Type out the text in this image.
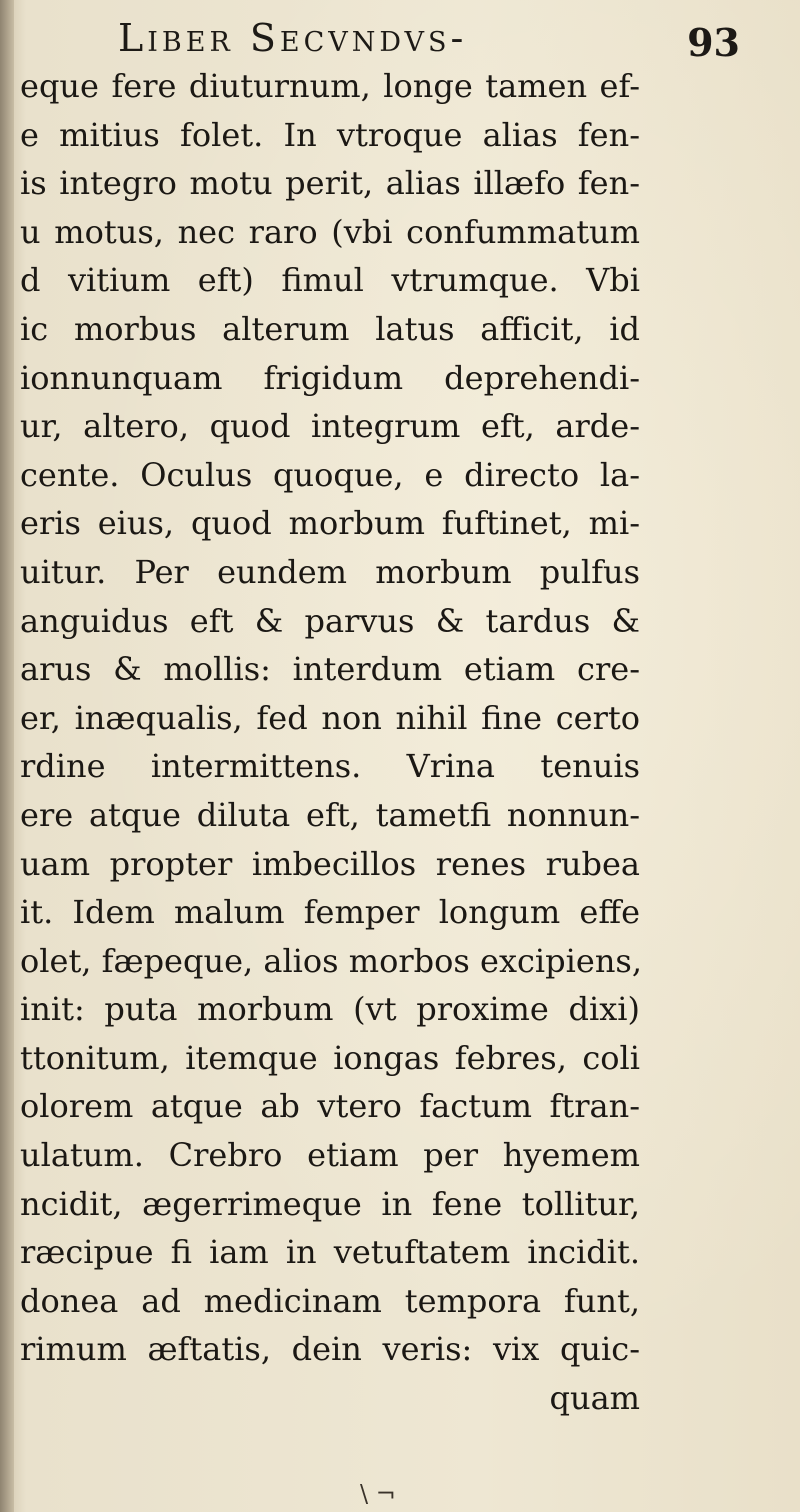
Liber Secvndvs-	93
eque fere diuturnum, longe tamen ef-
e mitius folet. In vtroque alias fen-
is integro motu perit, alias illæfo fen-
u motus, nec raro (vbi confummatum
d vitium eft) fimul vtrumque. Vbi
ic morbus alterum latus afficit, id
ionnunquam frigidum deprehendi-
ur, altero, quod integrum eft, arde-
cente. Oculus quoque, e directo la-
eris eius, quod morbum fuftinet, mi-
uitur. Per eundem morbum pulfus
anguidus eft & parvus & tardus &
arus & mollis: interdum etiam cre-
er, inæqualis, fed non nihil fine certo
rdine intermittens. Vrina tenuis
ere atque diluta eft, tametfi nonnun-
uam propter imbecillos renes rubea
it. Idem malum femper longum effe
olet, fæpeque, alios morbos excipiens,
init: puta morbum (vt proxime dixi)
ttonitum, itemque iongas febres, coli
olorem atque ab vtero factum ftran-
ulatum. Crebro etiam per hyemem
ncidit, ægerrimeque in fene tollitur,
ræcipue fi iam in vetuftatem incidit.
donea ad medicinam tempora funt,
rimum æftatis, dein veris: vix quic-
quam
\ ¬
